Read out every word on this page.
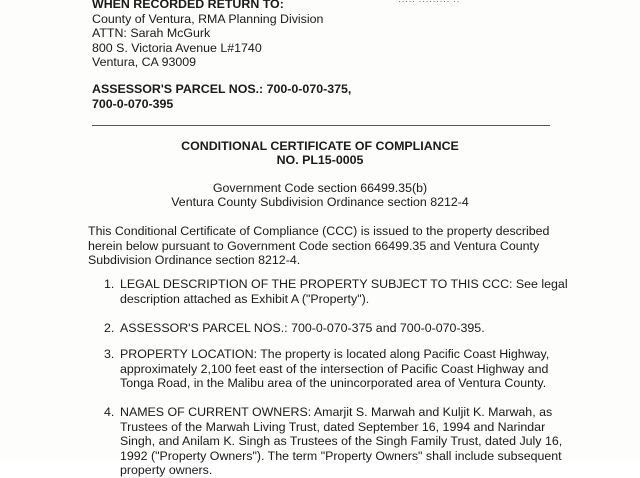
····· ········· ··
WHEN RECORDED RETURN TO:
County of Ventura, RMA Planning Division
ATTN: Sarah McGurk
800 S. Victoria Avenue L#1740
Ventura, CA 93009
ASSESSOR'S PARCEL NOS.: 700-0-070-375,
700-0-070-395
CONDITIONAL CERTIFICATE OF COMPLIANCE
NO. PL15-0005
Government Code section 66499.35(b)
Ventura County Subdivision Ordinance section 8212-4
This Conditional Certificate of Compliance (CCC) is issued to the property described
herein below pursuant to Government Code section 66499.35 and Ventura County
Subdivision Ordinance section 8212-4.
1. LEGAL DESCRIPTION OF THE PROPERTY SUBJECT TO THIS CCC: See legal
description attached as Exhibit A ("Property").
2. ASSESSOR'S PARCEL NOS.: 700-0-070-375 and 700-0-070-395.
3. PROPERTY LOCATION: The property is located along Pacific Coast Highway,
approximately 2,100 feet east of the intersection of Pacific Coast Highway and
Tonga Road, in the Malibu area of the unincorporated area of Ventura County.
4. NAMES OF CURRENT OWNERS: Amarjit S. Marwah and Kuljit K. Marwah, as
Trustees of the Marwah Living Trust, dated September 16, 1994 and Narindar
Singh, and Anilam K. Singh as Trustees of the Singh Family Trust, dated July 16,
1992 ("Property Owners"). The term "Property Owners" shall include subsequent
property owners.
